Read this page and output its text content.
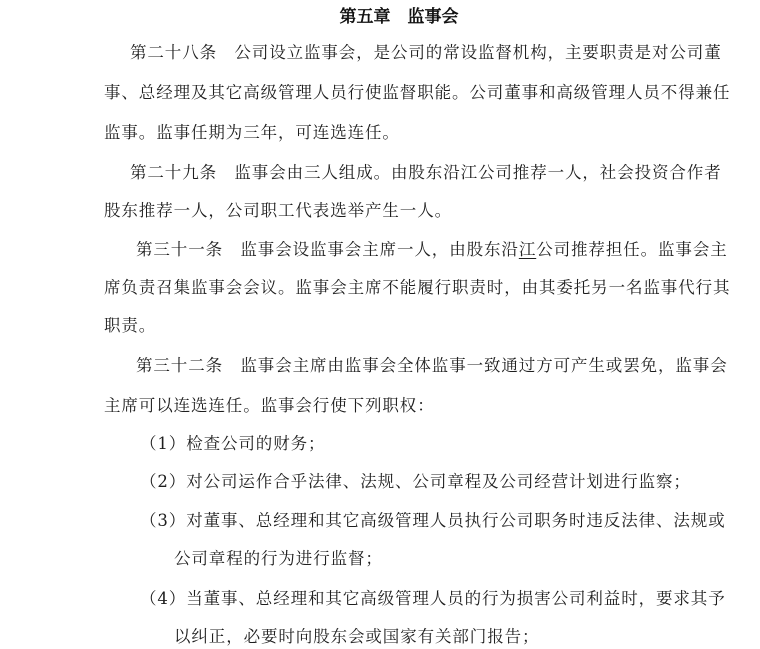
第五章　监事会
第二十八条　公司设立监事会，是公司的常设监督机构，主要职责是对公司董
事、总经理及其它高级管理人员行使监督职能。公司董事和高级管理人员不得兼任
监事。监事任期为三年，可连选连任。
第二十九条　监事会由三人组成。由股东沿江公司推荐一人，社会投资合作者
股东推荐一人，公司职工代表选举产生一人。
第三十一条　监事会设监事会主席一人，由股东沿江公司推荐担任。监事会主
席负责召集监事会会议。监事会主席不能履行职责时，由其委托另一名监事代行其
职责。
第三十二条　监事会主席由监事会全体监事一致通过方可产生或罢免，监事会
主席可以连选连任。监事会行使下列职权：
（1）检查公司的财务；
（2）对公司运作合乎法律、法规、公司章程及公司经营计划进行监察；
（3）对董事、总经理和其它高级管理人员执行公司职务时违反法律、法规或
公司章程的行为进行监督；
（4）当董事、总经理和其它高级管理人员的行为损害公司利益时，要求其予
以纠正，必要时向股东会或国家有关部门报告；
